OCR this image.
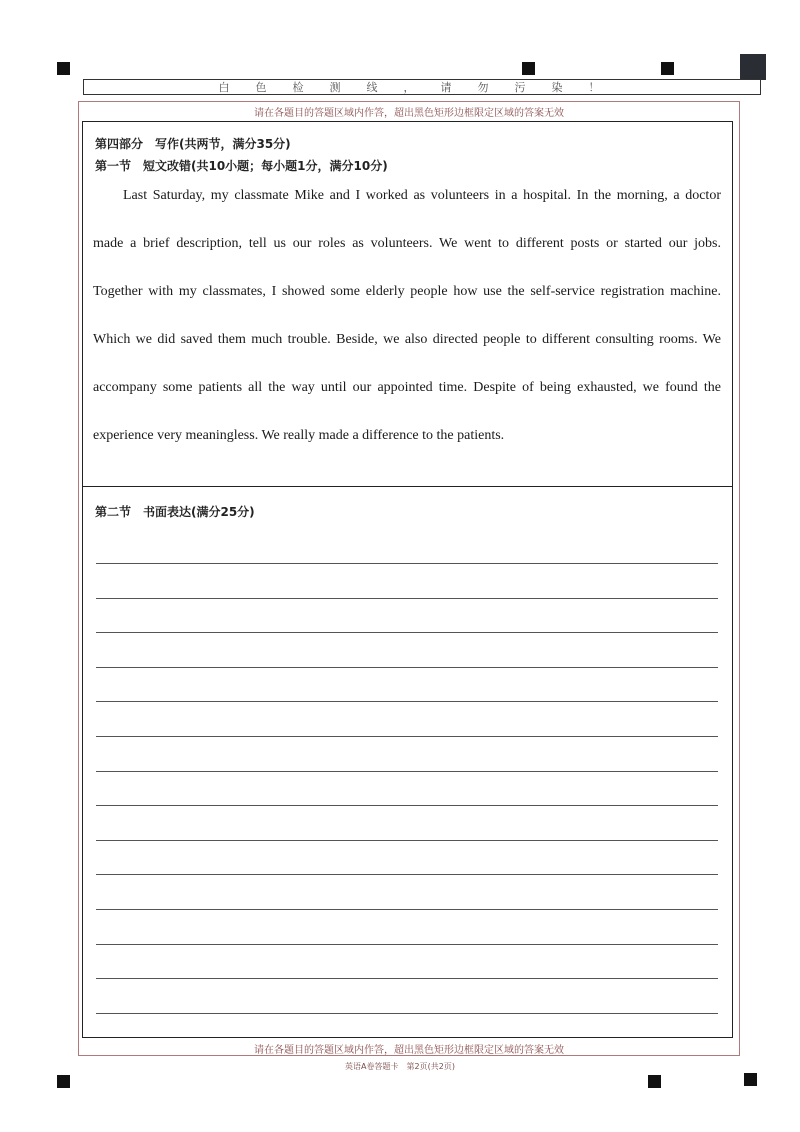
白色检测线，请勿污染！
请在各题目的答题区域内作答，超出黑色矩形边框限定区域的答案无效
第四部分　写作(共两节，满分35分)
第一节　短文改错(共10小题；每小题1分，满分10分)
Last Saturday, my classmate Mike and I worked as volunteers in a hospital. In the morning, a doctor
made a brief description, tell us our roles as volunteers. We went to different posts or started our jobs.
Together with my classmates, I showed some elderly people how use the self-service registration machine.
Which we did saved them much trouble. Beside, we also directed people to different consulting rooms. We
accompany some patients all the way until our appointed time. Despite of being exhausted, we found the
experience very meaningless. We really made a difference to the patients.
第二节　书面表达(满分25分)
请在各题目的答题区域内作答，超出黑色矩形边框限定区域的答案无效
英语A卷答题卡　第2页(共2页)
